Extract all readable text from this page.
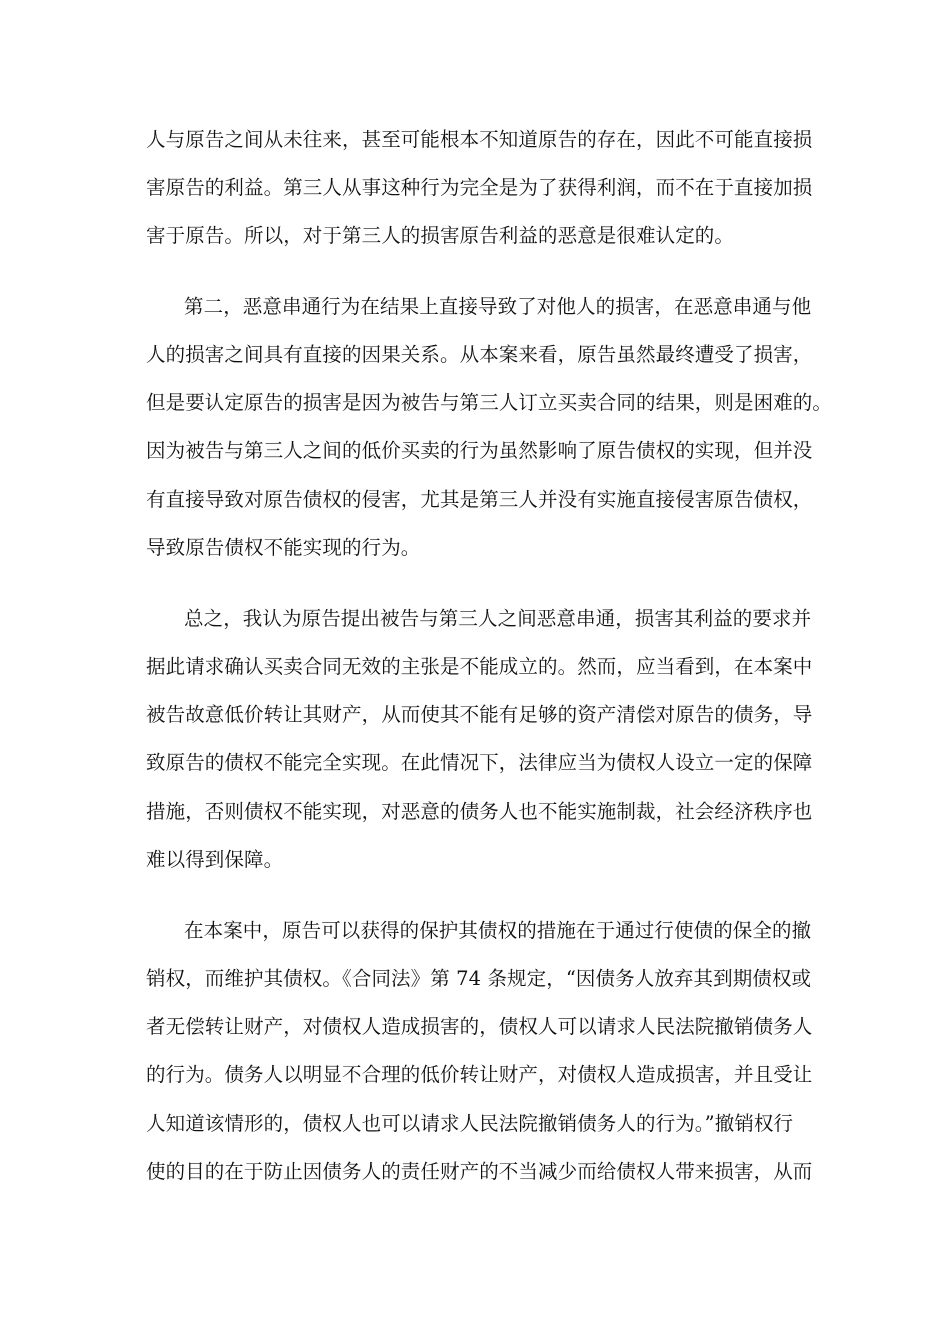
人与原告之间从未往来，甚至可能根本不知道原告的存在，因此不可能直接损
害原告的利益。第三人从事这种行为完全是为了获得利润，而不在于直接加损
害于原告。所以，对于第三人的损害原告利益的恶意是很难认定的。
第二，恶意串通行为在结果上直接导致了对他人的损害，在恶意串通与他
人的损害之间具有直接的因果关系。从本案来看，原告虽然最终遭受了损害，
但是要认定原告的损害是因为被告与第三人订立买卖合同的结果，则是困难的。
因为被告与第三人之间的低价买卖的行为虽然影响了原告债权的实现，但并没
有直接导致对原告债权的侵害，尤其是第三人并没有实施直接侵害原告债权，
导致原告债权不能实现的行为。
总之，我认为原告提出被告与第三人之间恶意串通，损害其利益的要求并
据此请求确认买卖合同无效的主张是不能成立的。然而，应当看到，在本案中
被告故意低价转让其财产，从而使其不能有足够的资产清偿对原告的债务，导
致原告的债权不能完全实现。在此情况下，法律应当为债权人设立一定的保障
措施，否则债权不能实现，对恶意的债务人也不能实施制裁，社会经济秩序也
难以得到保障。
在本案中，原告可以获得的保护其债权的措施在于通过行使债的保全的撤
销权，而维护其债权。《合同法》第 74 条规定，“因债务人放弃其到期债权或
者无偿转让财产，对债权人造成损害的，债权人可以请求人民法院撤销债务人
的行为。债务人以明显不合理的低价转让财产，对债权人造成损害，并且受让
人知道该情形的，债权人也可以请求人民法院撤销债务人的行为。”撤销权行
使的目的在于防止因债务人的责任财产的不当减少而给债权人带来损害，从而
